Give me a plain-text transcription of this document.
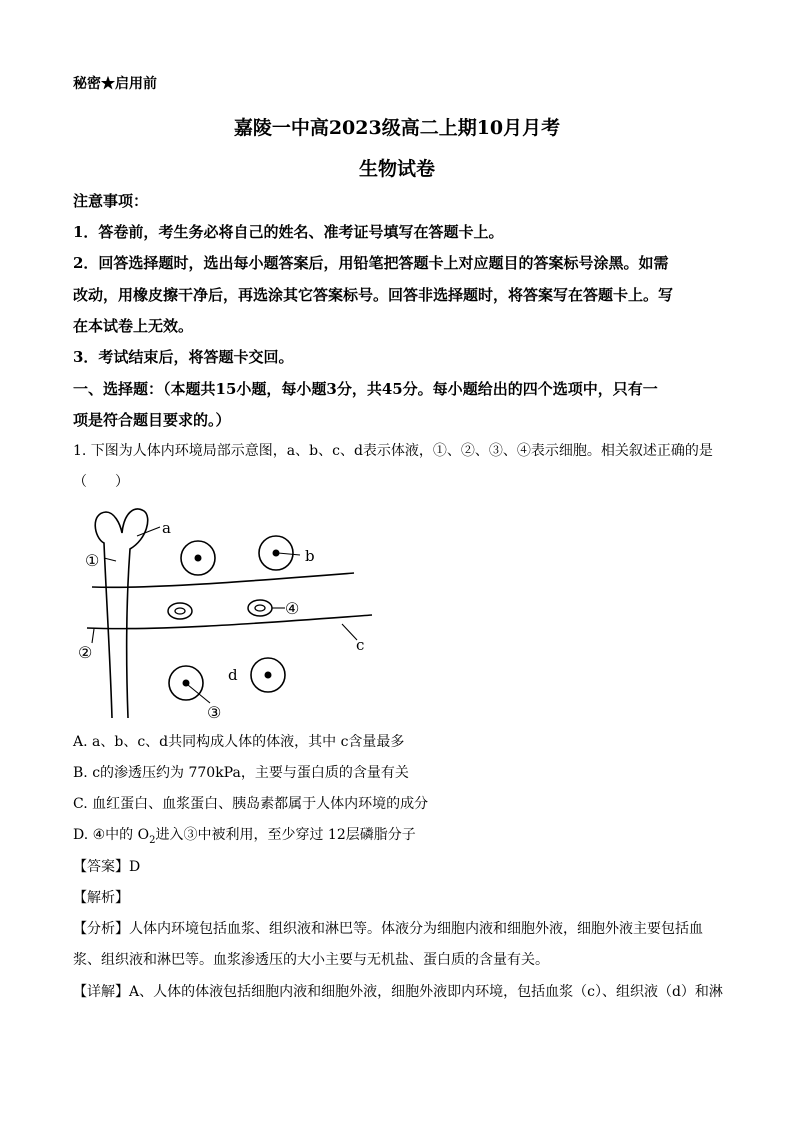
秘密★启用前
嘉陵一中高2023级高二上期10月月考
生物试卷
注意事项：
1．答卷前，考生务必将自己的姓名、准考证号填写在答题卡上。
2．回答选择题时，选出每小题答案后，用铅笔把答题卡上对应题目的答案标号涂黑。如需
改动，用橡皮擦干净后，再选涂其它答案标号。回答非选择题时，将答案写在答题卡上。写
在本试卷上无效。
3．考试结束后，将答题卡交回。
一、选择题：（本题共15小题，每小题3分，共45分。每小题给出的四个选项中，只有一
项是符合题目要求的。）
1. 下图为人体内环境局部示意图，a、b、c、d表示体液，①、②、③、④表示细胞。相关叙述正确的是
（　　）
a
b
c
d
①
②
③
④
A. a、b、c、d共同构成人体的体液，其中 c含量最多
B. c的渗透压约为 770kPa，主要与蛋白质的含量有关
C. 血红蛋白、血浆蛋白、胰岛素都属于人体内环境的成分
D. ④中的 $O_2$进入③中被利用，至少穿过 12层磷脂分子
【答案】D
【解析】
【分析】人体内环境包括血浆、组织液和淋巴等。体液分为细胞内液和细胞外液，细胞外液主要包括血
浆、组织液和淋巴等。血浆渗透压的大小主要与无机盐、蛋白质的含量有关。
【详解】A、人体的体液包括细胞内液和细胞外液，细胞外液即内环境，包括血浆（c）、组织液（d）和淋
